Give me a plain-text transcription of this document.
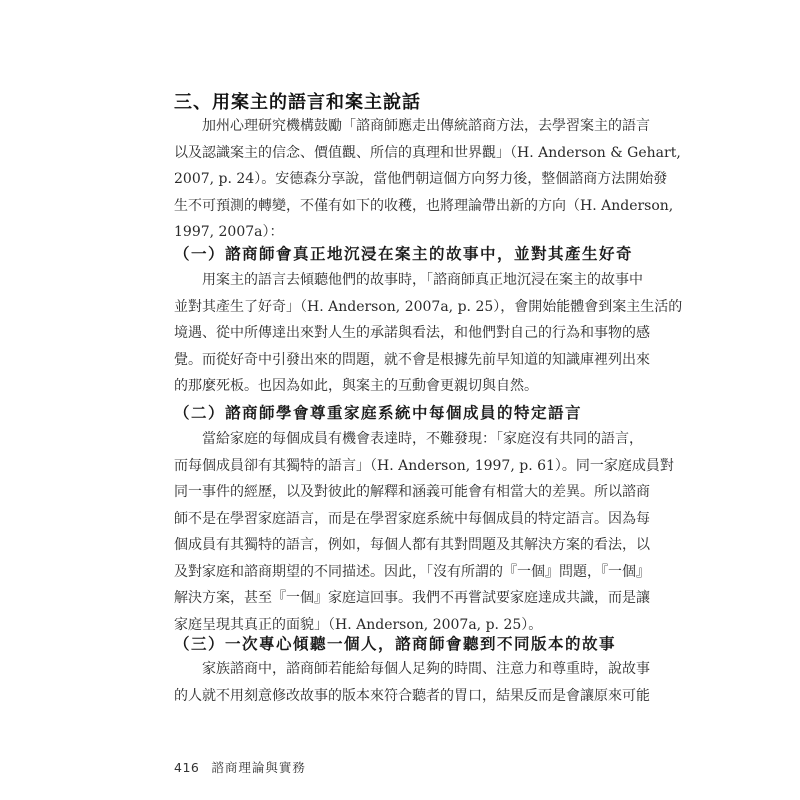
三、用案主的語言和案主說話
加州心理研究機構鼓勵「諮商師應走出傳統諮商方法，去學習案主的語言
以及認識案主的信念、價值觀、所信的真理和世界觀」（H. Anderson & Gehart,
2007, p. 24）。安德森分享說，當他們朝這個方向努力後，整個諮商方法開始發
生不可預測的轉變，不僅有如下的收穫，也將理論帶出新的方向（H. Anderson,
1997, 2007a）：
（一）諮商師會真正地沉浸在案主的故事中，並對其產生好奇
用案主的語言去傾聽他們的故事時，「諮商師真正地沉浸在案主的故事中
並對其產生了好奇」（H. Anderson, 2007a, p. 25），會開始能體會到案主生活的
境遇、從中所傳達出來對人生的承諾與看法，和他們對自己的行為和事物的感
覺。而從好奇中引發出來的問題，就不會是根據先前早知道的知識庫裡列出來
的那麼死板。也因為如此，與案主的互動會更親切與自然。
（二）諮商師學會尊重家庭系統中每個成員的特定語言
當給家庭的每個成員有機會表達時，不難發現：「家庭沒有共同的語言，
而每個成員卻有其獨特的語言」（H. Anderson, 1997, p. 61）。同一家庭成員對
同一事件的經歷，以及對彼此的解釋和涵義可能會有相當大的差異。所以諮商
師不是在學習家庭語言，而是在學習家庭系統中每個成員的特定語言。因為每
個成員有其獨特的語言，例如，每個人都有其對問題及其解決方案的看法，以
及對家庭和諮商期望的不同描述。因此，「沒有所謂的『一個』問題，『一個』
解決方案，甚至『一個』家庭這回事。我們不再嘗試要家庭達成共識，而是讓
家庭呈現其真正的面貌」（H. Anderson, 2007a, p. 25）。
（三）一次專心傾聽一個人，諮商師會聽到不同版本的故事
家族諮商中，諮商師若能給每個人足夠的時間、注意力和尊重時，說故事
的人就不用刻意修改故事的版本來符合聽者的胃口，結果反而是會讓原來可能
416 諮商理論與實務
